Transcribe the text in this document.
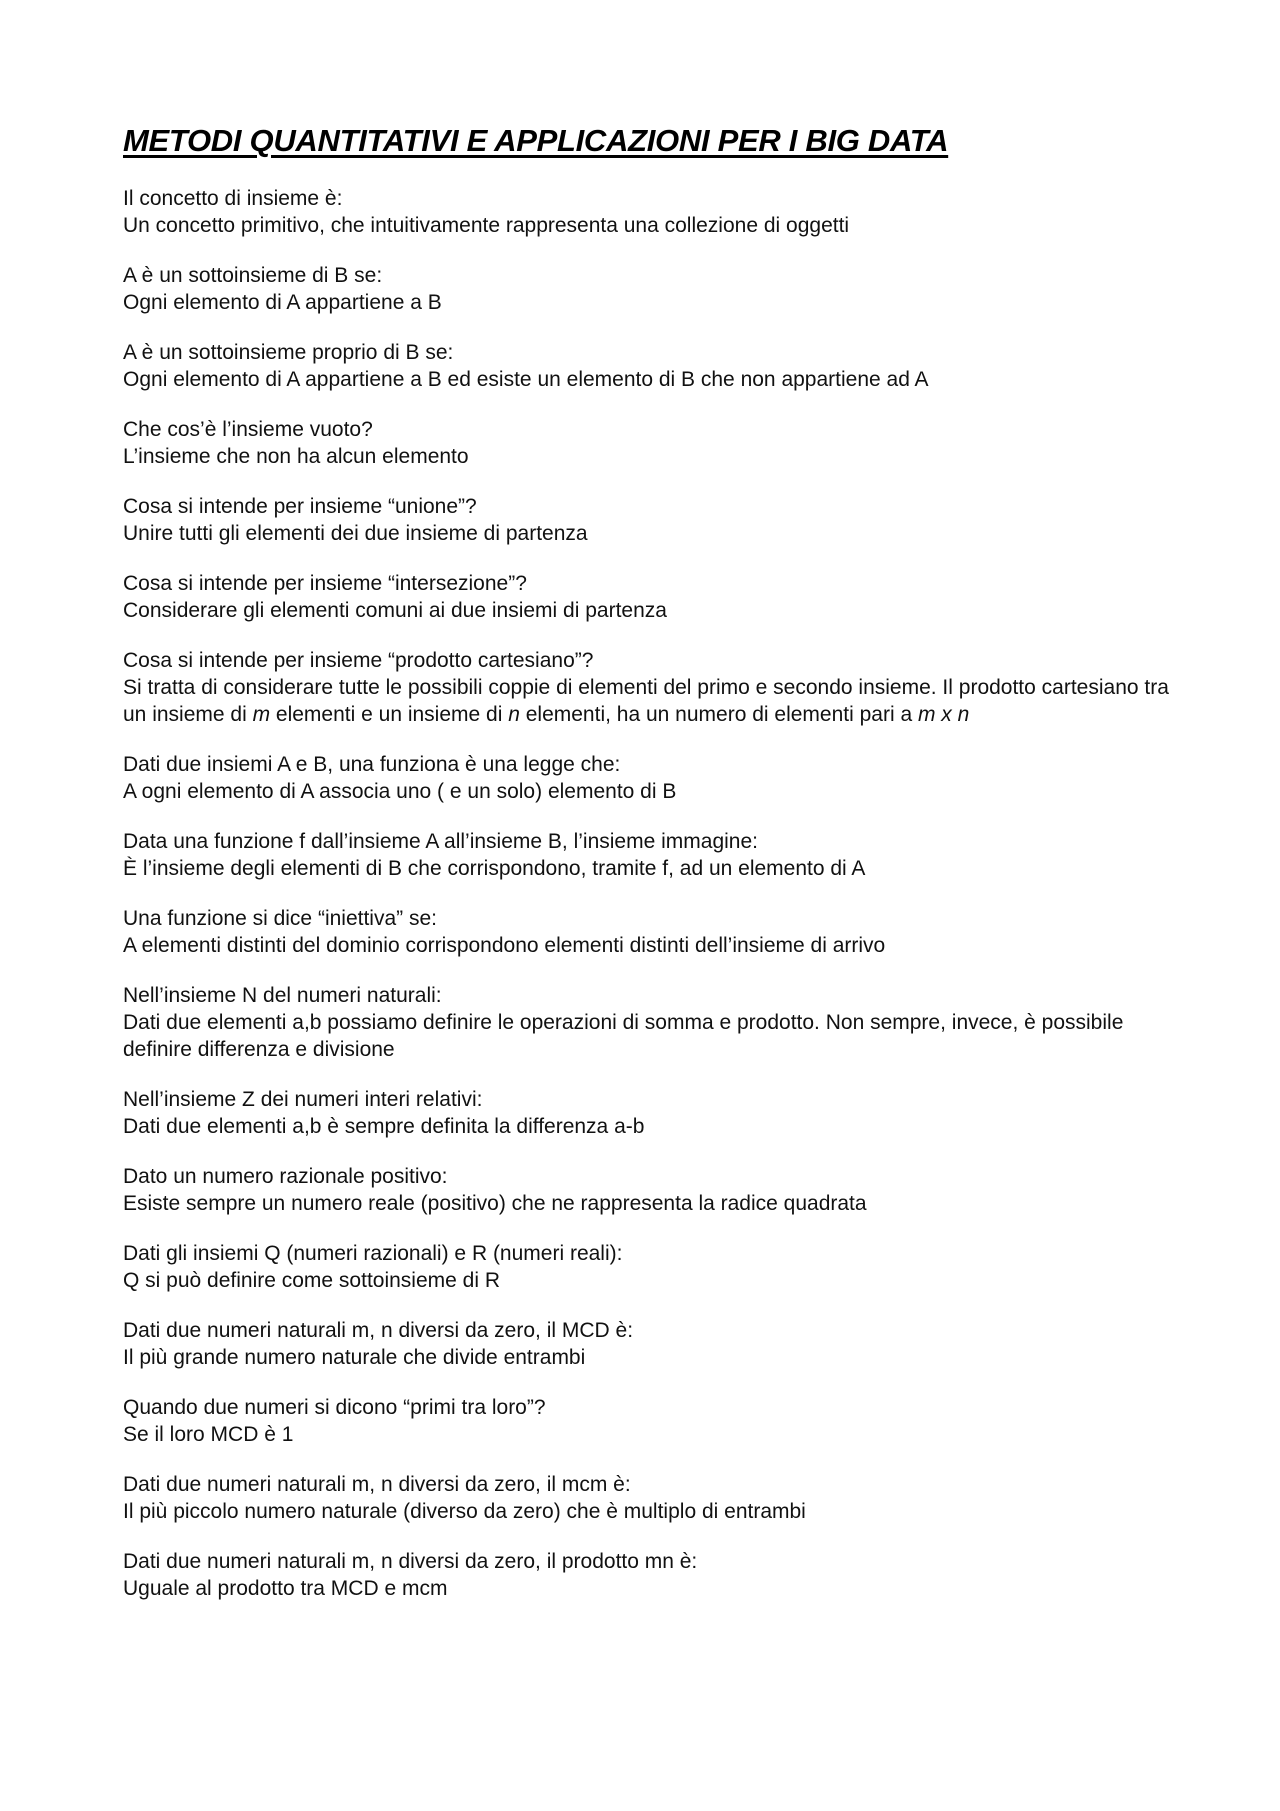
METODI QUANTITATIVI E APPLICAZIONI PER I BIG DATA

Il concetto di insieme è:

Un concetto primitivo, che intuitivamente rappresenta una collezione di oggetti

A è un sottoinsieme di B se:

Ogni elemento di A appartiene a B

A è un sottoinsieme proprio di B se:

Ogni elemento di A appartiene a B ed esiste un elemento di B che non appartiene ad A

Che cos’è l’insieme vuoto?

L’insieme che non ha alcun elemento

Cosa si intende per insieme “unione”?

Unire tutti gli elementi dei due insieme di partenza

Cosa si intende per insieme “intersezione”?

Considerare gli elementi comuni ai due insiemi di partenza

Cosa si intende per insieme “prodotto cartesiano”?

Si tratta di considerare tutte le possibili coppie di elementi del primo e secondo insieme. Il prodotto cartesiano tra un insieme di m elementi e un insieme di n elementi, ha un numero di elementi pari a m x n

Dati due insiemi A e B, una funziona è una legge che:

A ogni elemento di A associa uno ( e un solo) elemento di B

Data una funzione f dall’insieme A all’insieme B, l’insieme immagine:

È l’insieme degli elementi di B che corrispondono, tramite f, ad un elemento di A

Una funzione si dice “iniettiva” se:

A elementi distinti del dominio corrispondono elementi distinti dell’insieme di arrivo

Nell’insieme N del numeri naturali:

Dati due elementi a,b possiamo definire le operazioni di somma e prodotto. Non sempre, invece, è possibile definire differenza e divisione

Nell’insieme Z dei numeri interi relativi:

Dati due elementi a,b è sempre definita la differenza a-b

Dato un numero razionale positivo:

Esiste sempre un numero reale (positivo) che ne rappresenta la radice quadrata

Dati gli insiemi Q (numeri razionali) e R (numeri reali):

Q si può definire come sottoinsieme di R

Dati due numeri naturali m, n diversi da zero, il MCD è:

Il più grande numero naturale che divide entrambi

Quando due numeri si dicono “primi tra loro”?

Se il loro MCD è 1

Dati due numeri naturali m, n diversi da zero, il mcm è:

Il più piccolo numero naturale (diverso da zero) che è multiplo di entrambi

Dati due numeri naturali m, n diversi da zero, il prodotto mn è:

Uguale al prodotto tra MCD e mcm
